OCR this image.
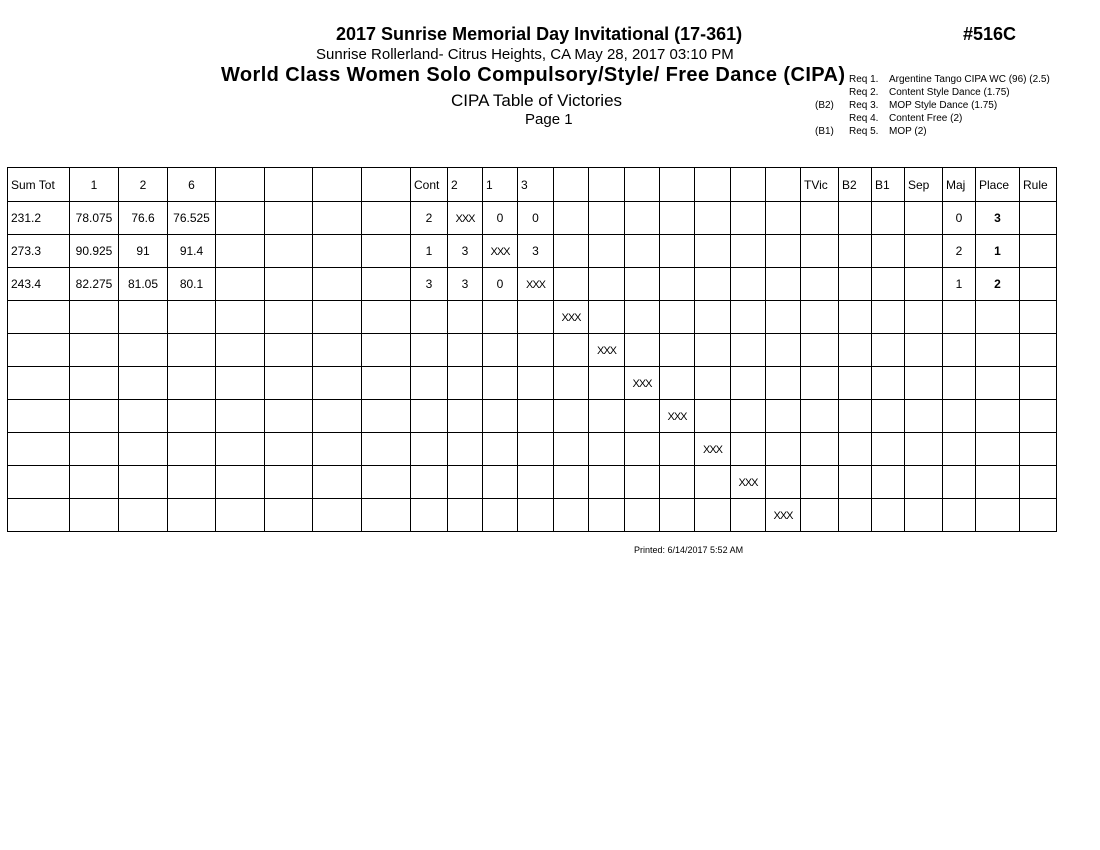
2017 Sunrise Memorial Day Invitational (17-361)	#516C
Sunrise Rollerland- Citrus Heights, CA May 28, 2017 03:10 PM
World Class Women Solo Compulsory/Style/ Free Dance (CIPA)
CIPA Table of Victories
Page 1
Req 1.	Argentine Tango CIPA WC (96) (2.5)
Req 2.	Content Style Dance (1.75)
(B2)	Req 3.	MOP Style Dance (1.75)
Req 4.	Content Free (2)
(B1)	Req 5.	MOP (2)
Sum Tot	1	2	6					Cont	2	1	3								TVic	B2	B1	Sep	Maj	Place	Rule
231.2	78.075	76.6	76.525					2	XXX	0	0												0	3	
273.3	90.925	91	91.4					1	3	XXX	3												2	1	
243.4	82.275	81.05	80.1					3	3	0	XXX												1	2	
												XXX													
													XXX												
														XXX											
															XXX										
																XXX									
																	XXX								
																		XXX							
Printed: 6/14/2017 5:52 AM
